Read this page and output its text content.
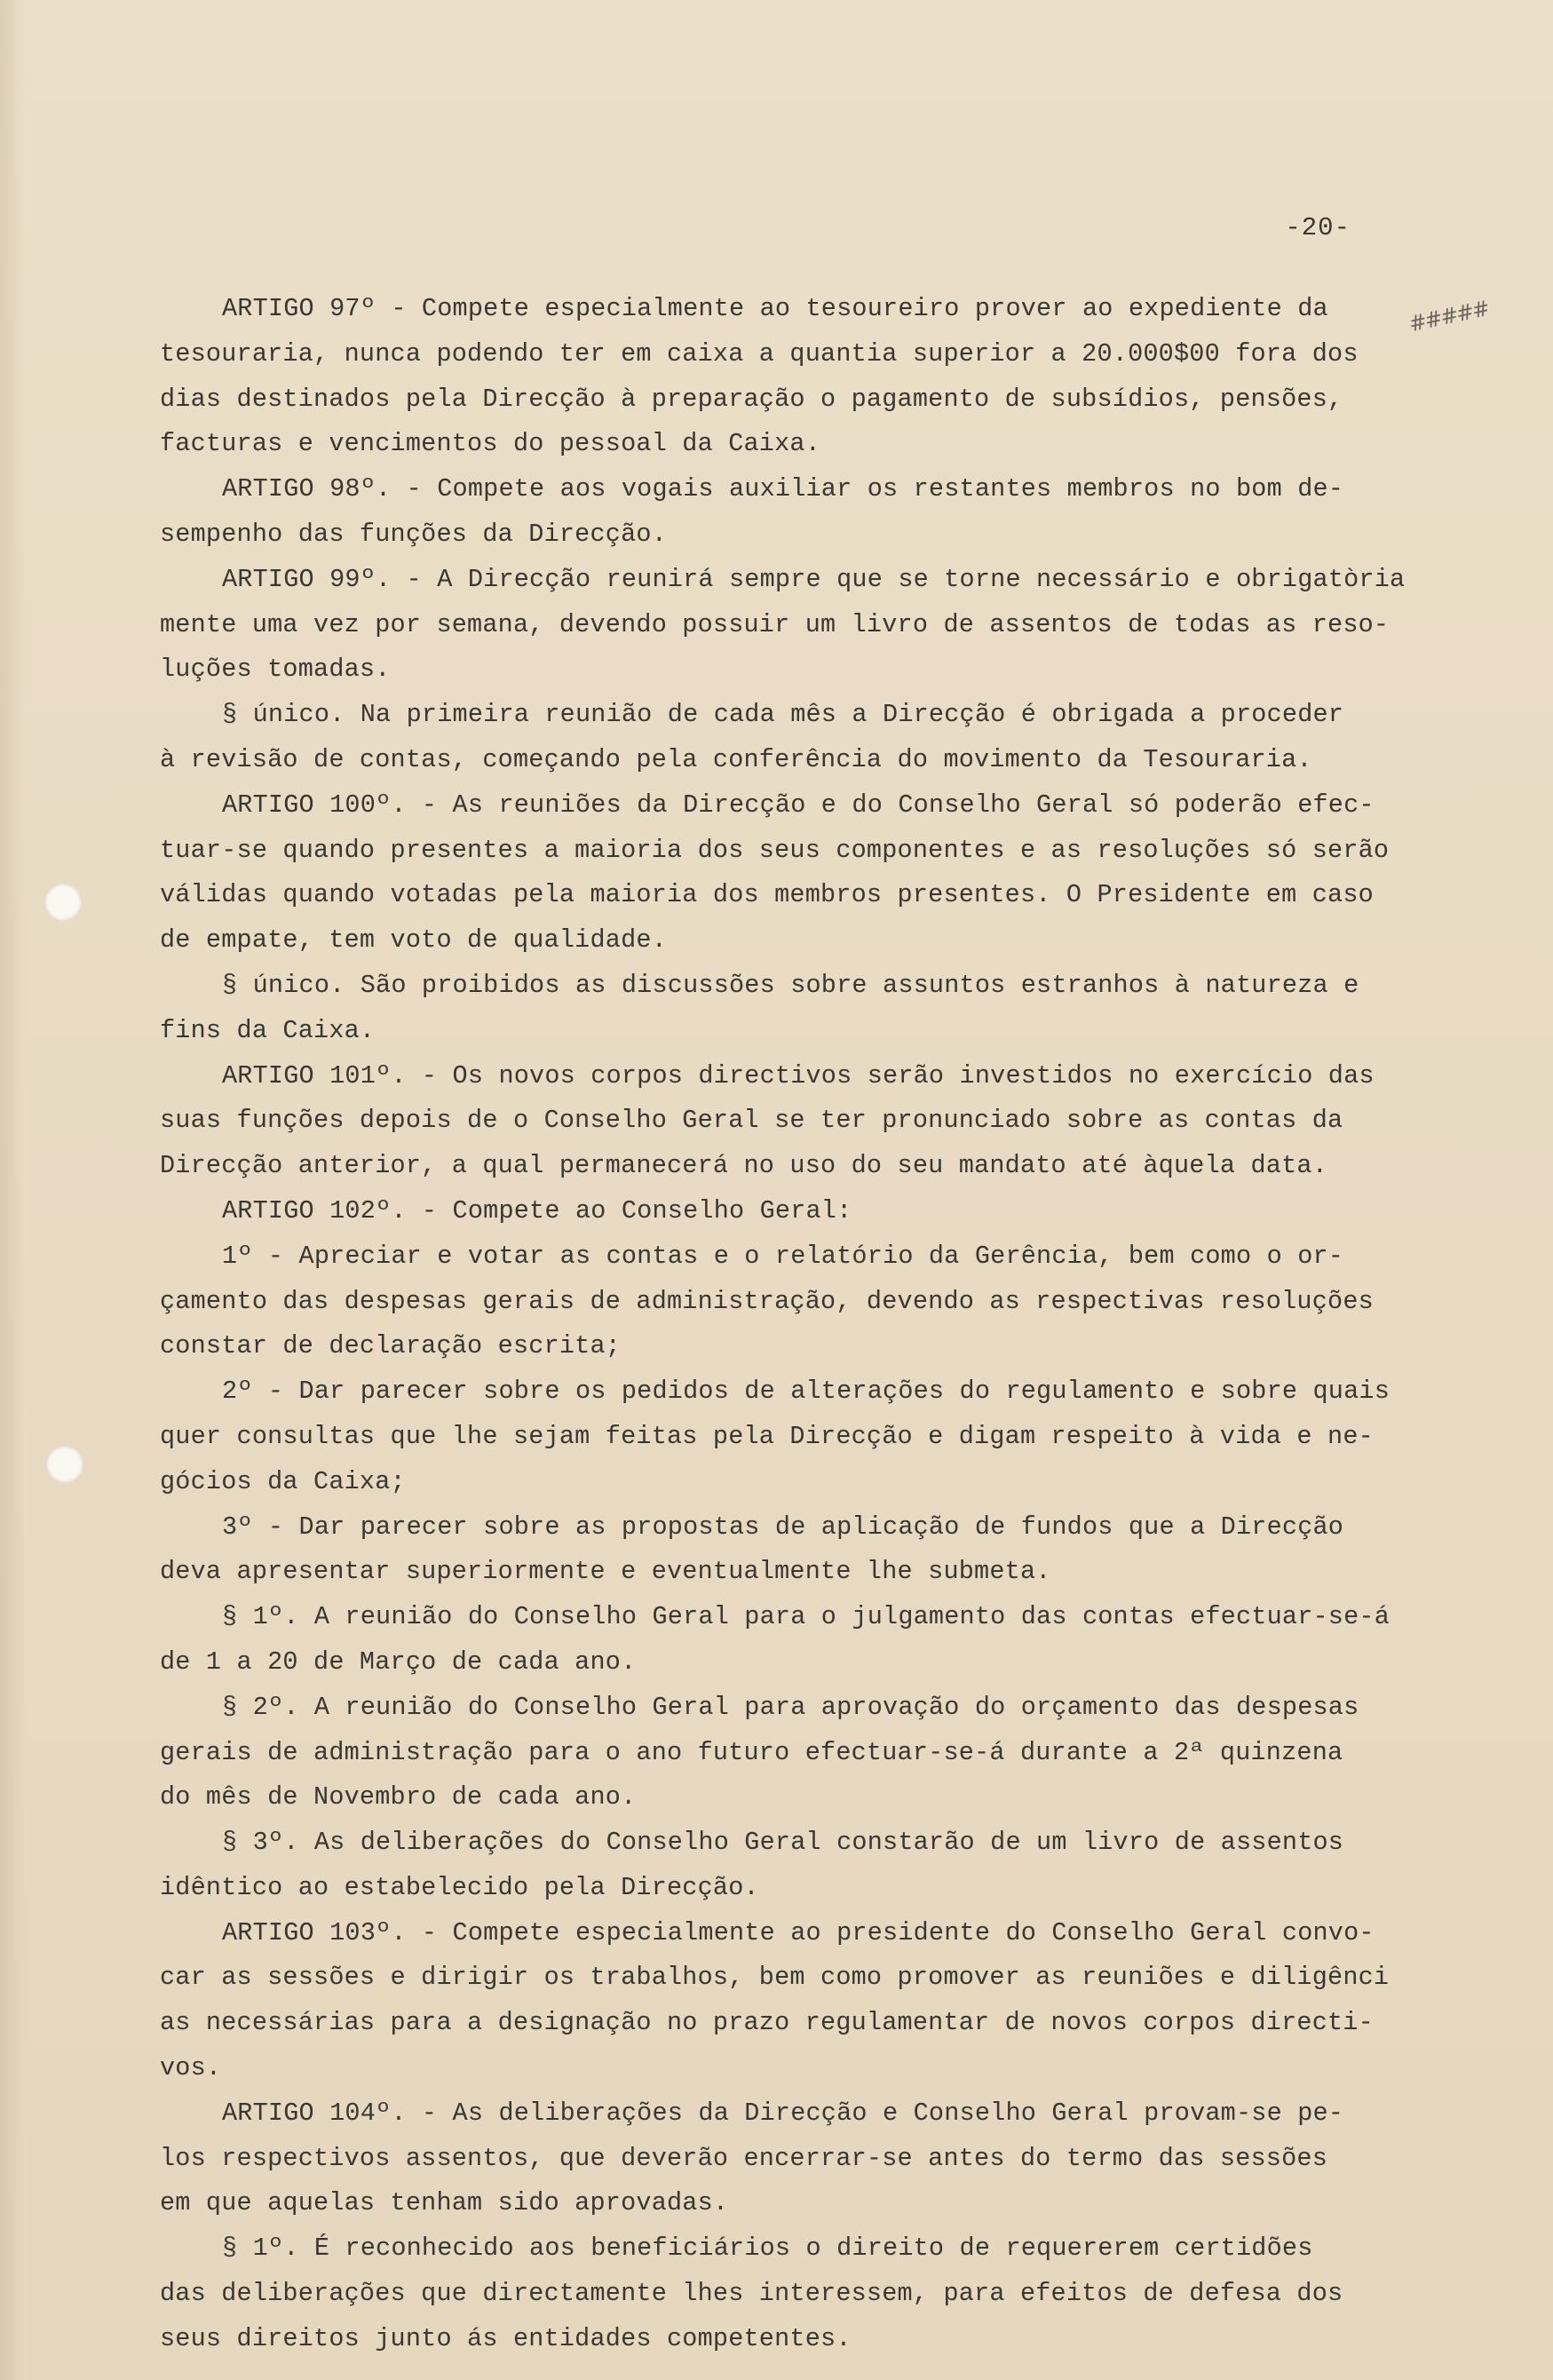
-20-
#####
ARTIGO 97º - Compete especialmente ao tesoureiro prover ao expediente da
tesouraria, nunca podendo ter em caixa a quantia superior a 20.000$00 fora dos
dias destinados pela Direcção à preparação o pagamento de subsídios, pensões,
facturas e vencimentos do pessoal da Caixa.
ARTIGO 98º. - Compete aos vogais auxiliar os restantes membros no bom de-
sempenho das funções da Direcção.
ARTIGO 99º. - A Direcção reunirá sempre que se torne necessário e obrigatòria
mente uma vez por semana, devendo possuir um livro de assentos de todas as reso-
luções tomadas.
§ único. Na primeira reunião de cada mês a Direcção é obrigada a proceder
à revisão de contas, começando pela conferência do movimento da Tesouraria.
ARTIGO 100º. - As reuniões da Direcção e do Conselho Geral só poderão efec-
tuar-se quando presentes a maioria dos seus componentes e as resoluções só serão
válidas quando votadas pela maioria dos membros presentes. O Presidente em caso
de empate, tem voto de qualidade.
§ único. São proibidos as discussões sobre assuntos estranhos à natureza e
fins da Caixa.
ARTIGO 101º. - Os novos corpos directivos serão investidos no exercício das
suas funções depois de o Conselho Geral se ter pronunciado sobre as contas da
Direcção anterior, a qual permanecerá no uso do seu mandato até àquela data.
ARTIGO 102º. - Compete ao Conselho Geral:
1º - Apreciar e votar as contas e o relatório da Gerência, bem como o or-
çamento das despesas gerais de administração, devendo as respectivas resoluções
constar de declaração escrita;
2º - Dar parecer sobre os pedidos de alterações do regulamento e sobre quais
quer consultas que lhe sejam feitas pela Direcção e digam respeito à vida e ne-
gócios da Caixa;
3º - Dar parecer sobre as propostas de aplicação de fundos que a Direcção
deva apresentar superiormente e eventualmente lhe submeta.
§ 1º. A reunião do Conselho Geral para o julgamento das contas efectuar-se-á
de 1 a 20 de Março de cada ano.
§ 2º. A reunião do Conselho Geral para aprovação do orçamento das despesas
gerais de administração para o ano futuro efectuar-se-á durante a 2ª quinzena
do mês de Novembro de cada ano.
§ 3º. As deliberações do Conselho Geral constarão de um livro de assentos
idêntico ao estabelecido pela Direcção.
ARTIGO 103º. - Compete especialmente ao presidente do Conselho Geral convo-
car as sessões e dirigir os trabalhos, bem como promover as reuniões e diligênci
as necessárias para a designação no prazo regulamentar de novos corpos directi-
vos.
ARTIGO 104º. - As deliberações da Direcção e Conselho Geral provam-se pe-
los respectivos assentos, que deverão encerrar-se antes do termo das sessões
em que aquelas tenham sido aprovadas.
§ 1º. É reconhecido aos beneficiários o direito de requererem certidões
das deliberações que directamente lhes interessem, para efeitos de defesa dos
seus direitos junto ás entidades competentes.
